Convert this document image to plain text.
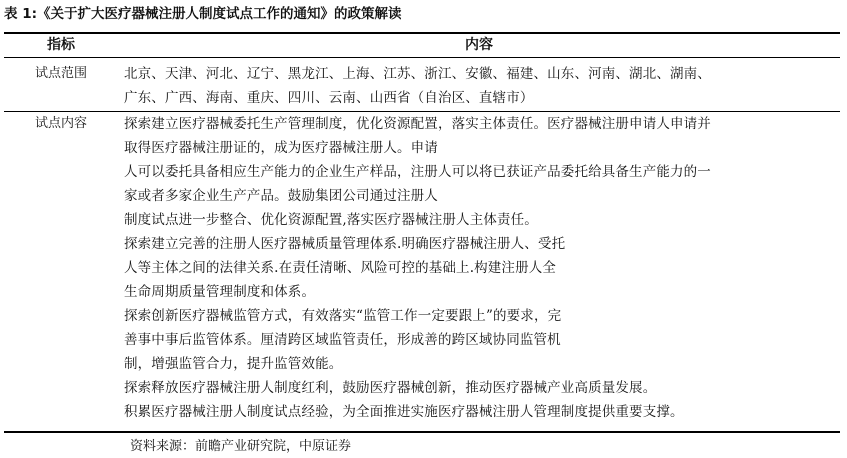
表 1:《关于扩大医疗器械注册人制度试点工作的通知》的政策解读
指标	内容
试点范围	北京、天津、河北、辽宁、黑龙江、上海、江苏、浙江、安徽、福建、山东、河南、湖北、湖南、
广东、广西、海南、重庆、四川、云南、山西省（自治区、直辖市）
试点内容	探索建立医疗器械委托生产管理制度，优化资源配置，落实主体责任。医疗器械注册申请人申请并
取得医疗器械注册证的，成为医疗器械注册人。申请
人可以委托具备相应生产能力的企业生产样品，注册人可以将已获证产品委托给具备生产能力的一
家或者多家企业生产产品。鼓励集团公司通过注册人
制度试点进一步整合、优化资源配置,落实医疗器械注册人主体责任。
探索建立完善的注册人医疗器械质量管理体系.明确医疗器械注册人、受托
人等主体之间的法律关系.在责任清晰、风险可控的基础上.构建注册人全
生命周期质量管理制度和体系。
探索创新医疗器械监管方式，有效落实“监管工作一定要跟上”的要求，完
善事中事后监管体系。厘清跨区域监管责任，形成善的跨区域协同监管机
制，增强监管合力，提升监管效能。
探索释放医疗器械注册人制度红利，鼓励医疗器械创新，推动医疗器械产业高质量发展。
积累医疗器械注册人制度试点经验，为全面推进实施医疗器械注册人管理制度提供重要支撑。
资料来源：前瞻产业研究院，中原证券
